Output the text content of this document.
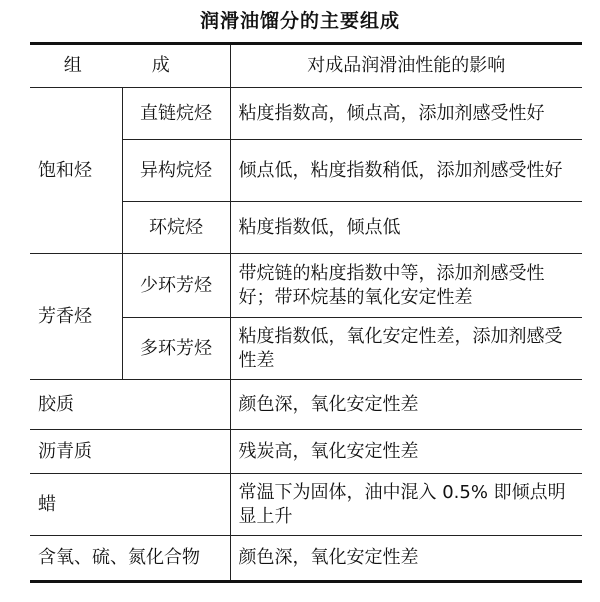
润滑油馏分的主要组成
组　成		对成品润滑油性能的影响
饱和烃	直链烷烃	粘度指数高，倾点高，添加剂感受性好
	异构烷烃	倾点低，粘度指数稍低，添加剂感受性好
	环烷烃	粘度指数低，倾点低
芳香烃	少环芳烃	带烷链的粘度指数中等，添加剂感受性好；带环烷基的氧化安定性差
	多环芳烃	粘度指数低，氧化安定性差，添加剂感受性差
胶质		颜色深，氧化安定性差
沥青质		残炭高，氧化安定性差
蜡		常温下为固体，油中混入 0.5% 即倾点明显上升
含氧、硫、氮化合物		颜色深，氧化安定性差
